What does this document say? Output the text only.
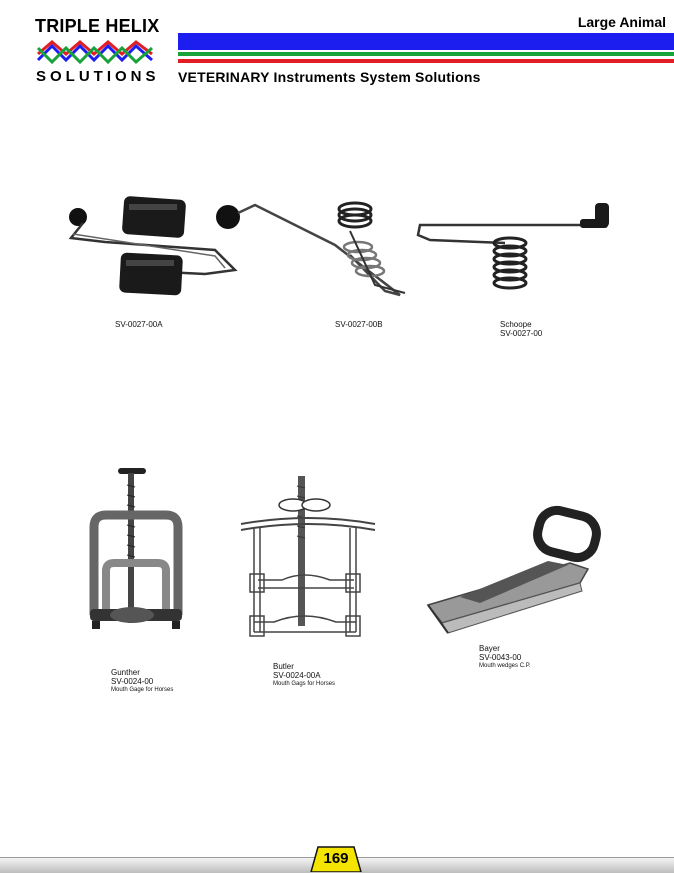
TRIPLE HELIX
SOLUTIONS
Large Animal
VETERINARY Instruments System Solutions
SV-0027-00A	SV-0027-00B	Schoope
SV-0027-00
Gunther
SV-0024-00
Mouth Gage for Horses
Butler
SV-0024-00A
Mouth Gags for Horses
Bayer
SV-0043-00
Mouth wedges C.P.
169
